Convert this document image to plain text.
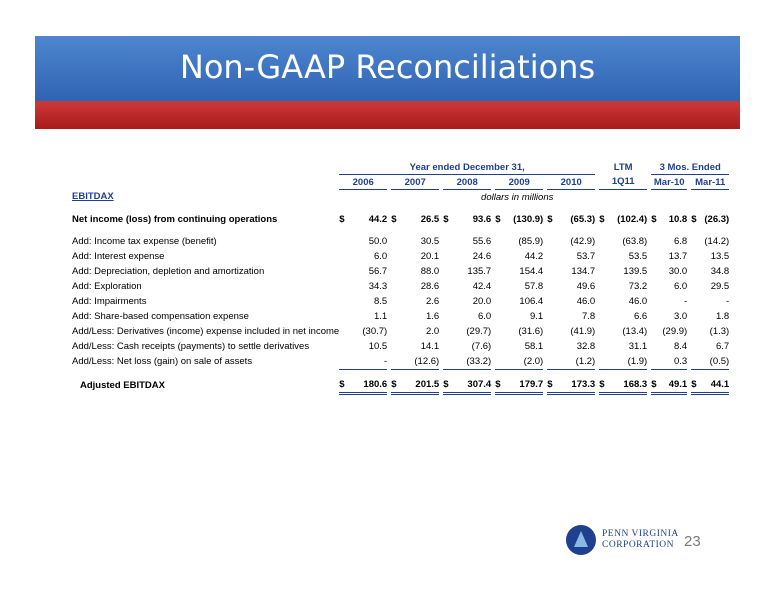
Non-GAAP Reconciliations
	Year ended December 31,															LTM			3 Mos. Ended				
	2006			2007			2008			2009			2010			1Q11			Mar-10			Mar-11	
EBITDAX						dollars in millions																	

Net income (loss) from continuing operations	$	44.2		$	26.5		$	93.6		$	(130.9)		$	(65.3)		$	(102.4)		$	10.8		$	(26.3)

Add: Income tax expense (benefit)		50.0			30.5			55.6			(85.9)			(42.9)			(63.8)			6.8			(14.2)
Add: Interest expense		6.0			20.1			24.6			44.2			53.7			53.5			13.7			13.5
Add: Depreciation, depletion and amortization		56.7			88.0			135.7			154.4			134.7			139.5			30.0			34.8
Add: Exploration		34.3			28.6			42.4			57.8			49.6			73.2			6.0			29.5
Add: Impairments		8.5			2.6			20.0			106.4			46.0			46.0			-			-
Add: Share-based compensation expense		1.1			1.6			6.0			9.1			7.8			6.6			3.0			1.8
Add/Less: Derivatives (income) expense included in net income		(30.7)			2.0			(29.7)			(31.6)			(41.9)			(13.4)			(29.9)			(1.3)
Add/Less: Cash receipts (payments) to settle derivatives		10.5			14.1			(7.6)			58.1			32.8			31.1			8.4			6.7
Add/Less: Net loss (gain) on sale of assets		-			(12.6)			(33.2)			(2.0)			(1.2)			(1.9)			0.3			(0.5)

Adjusted EBITDAX	$	180.6		$	201.5		$	307.4		$	179.7		$	173.3		$	168.3		$	49.1		$	44.1
PENN VIRGINIA
CORPORATION 23
